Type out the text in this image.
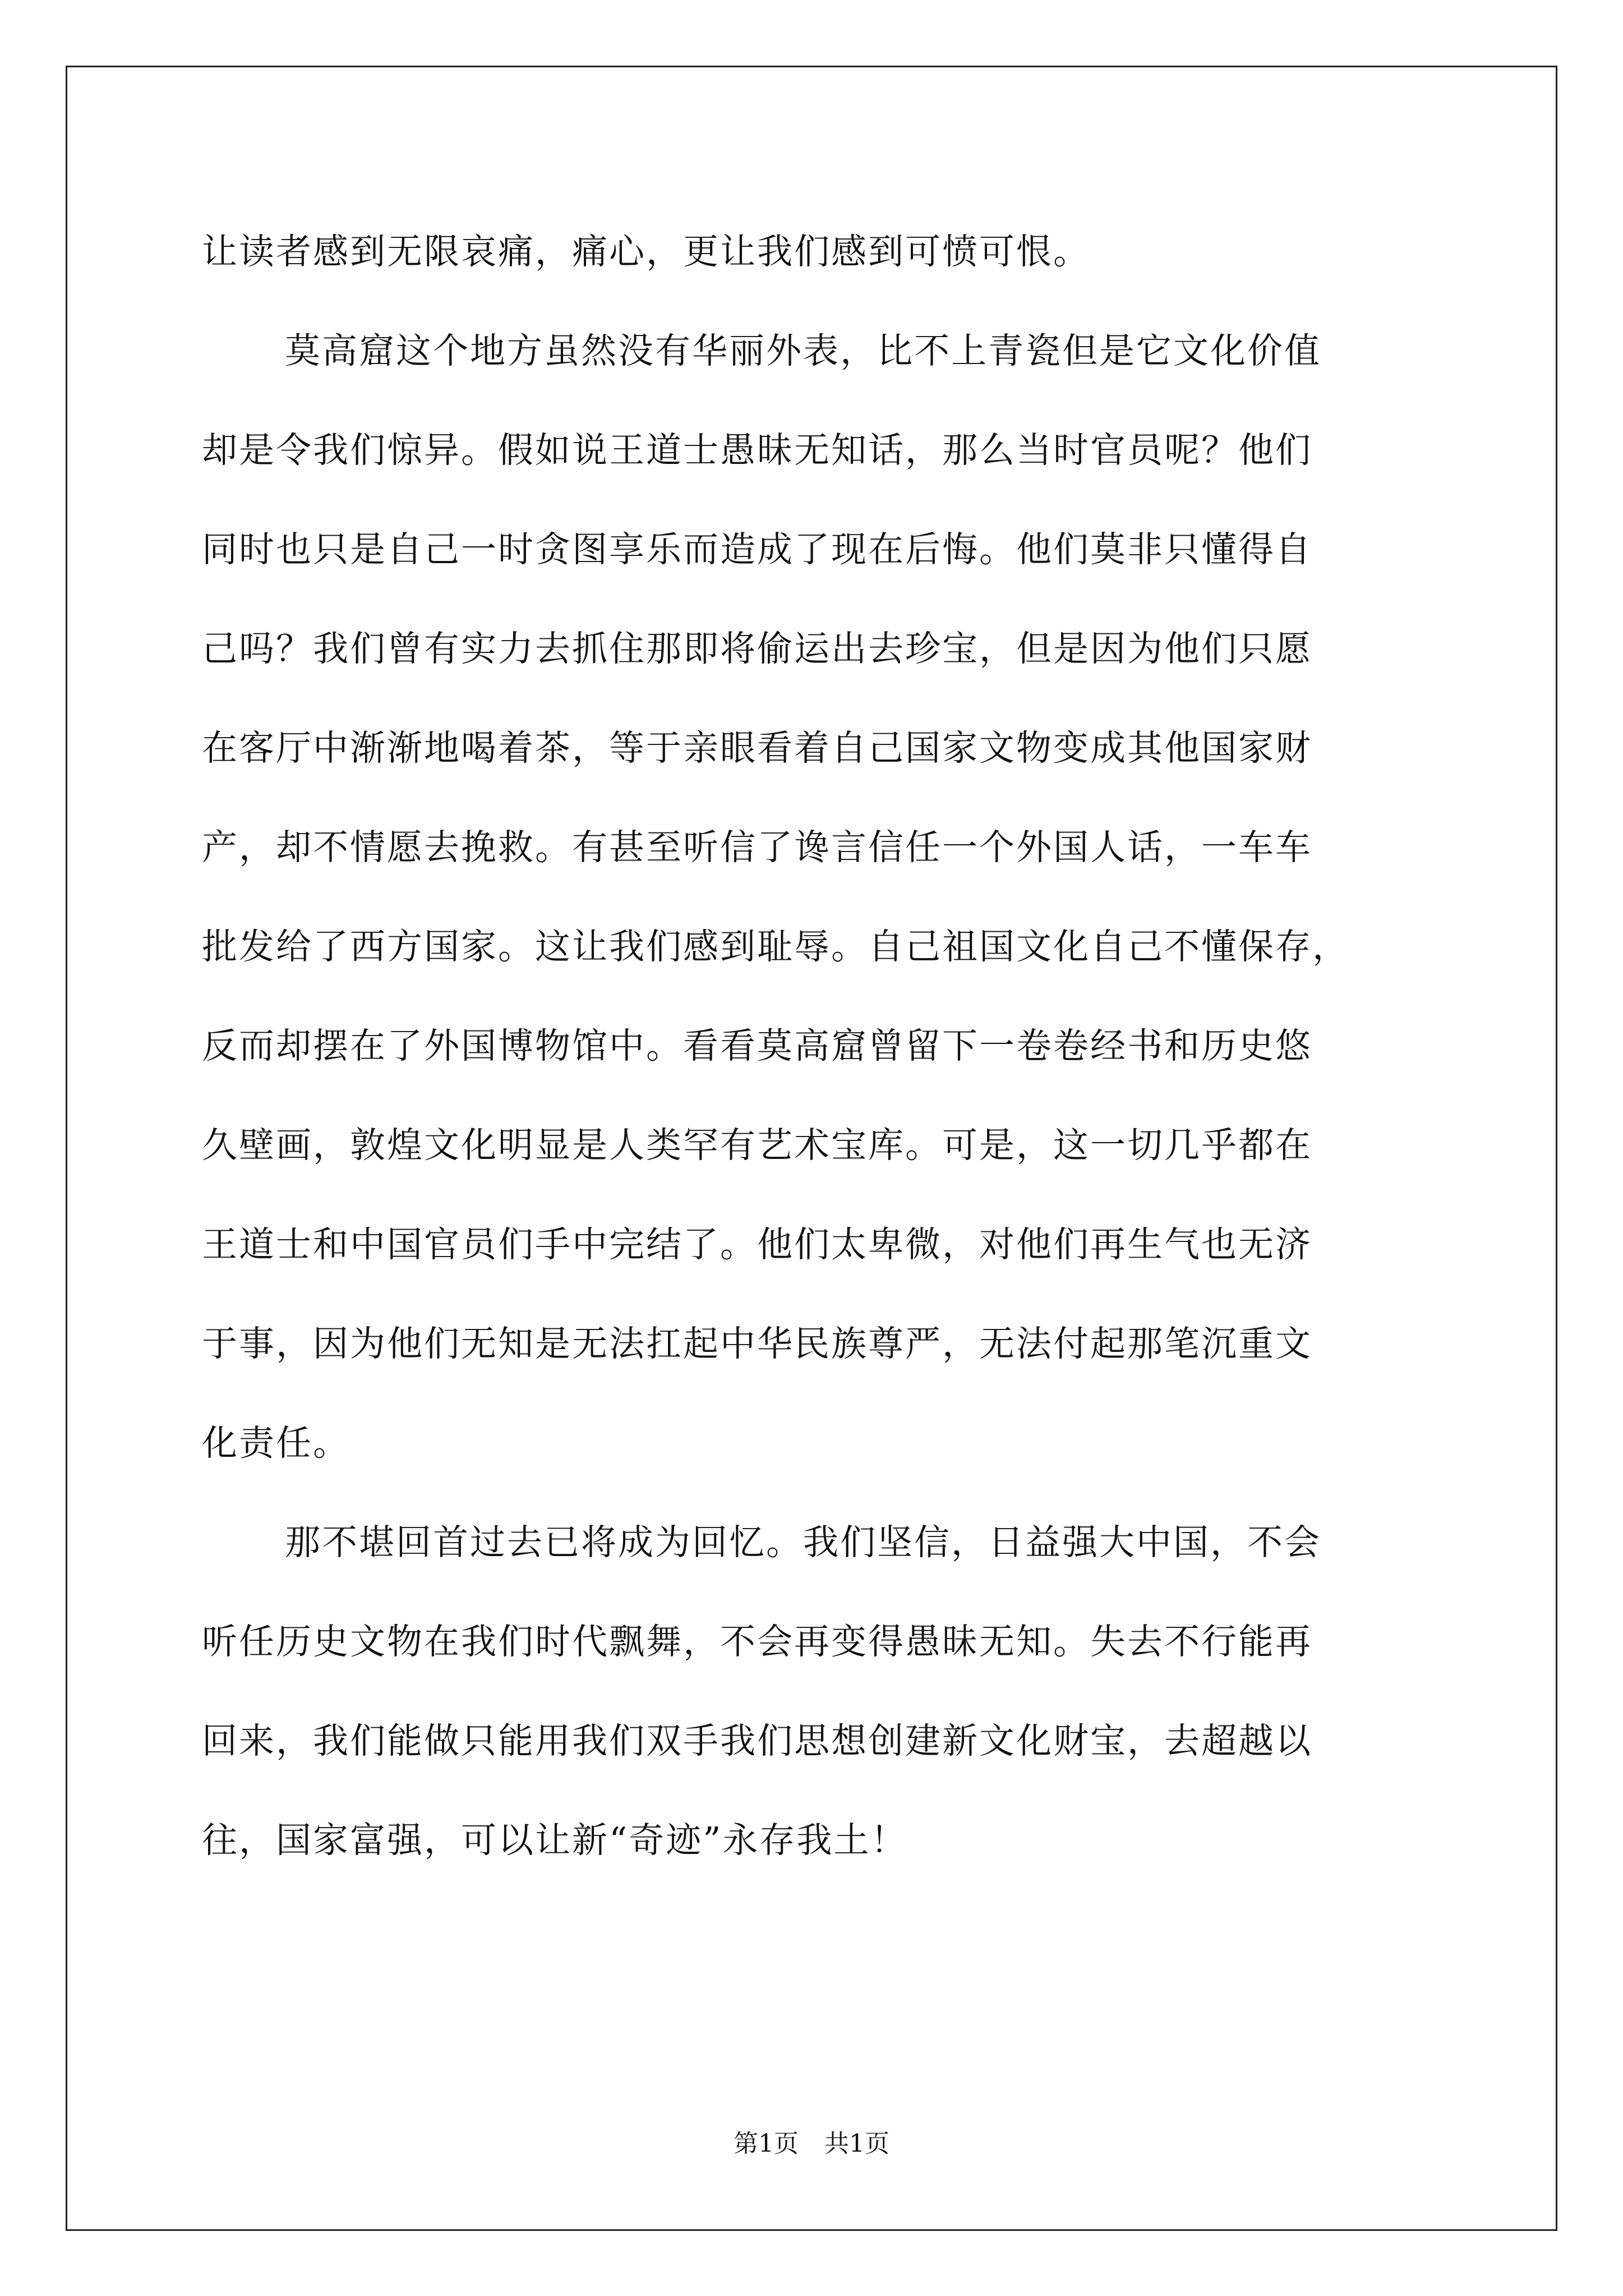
让读者感到无限哀痛，痛心，更让我们感到可愤可恨。
莫高窟这个地方虽然没有华丽外表，比不上青瓷但是它文化价值
却是令我们惊异。假如说王道士愚昧无知话，那么当时官员呢？他们
同时也只是自己一时贪图享乐而造成了现在后悔。他们莫非只懂得自
己吗？我们曾有实力去抓住那即将偷运出去珍宝，但是因为他们只愿
在客厅中渐渐地喝着茶，等于亲眼看着自己国家文物变成其他国家财
产，却不情愿去挽救。有甚至听信了谗言信任一个外国人话，一车车
批发给了西方国家。这让我们感到耻辱。自己祖国文化自己不懂保存，
反而却摆在了外国博物馆中。看看莫高窟曾留下一卷卷经书和历史悠
久壁画，敦煌文化明显是人类罕有艺术宝库。可是，这一切几乎都在
王道士和中国官员们手中完结了。他们太卑微，对他们再生气也无济
于事，因为他们无知是无法扛起中华民族尊严，无法付起那笔沉重文
化责任。
那不堪回首过去已将成为回忆。我们坚信，日益强大中国，不会
听任历史文物在我们时代飘舞，不会再变得愚昧无知。失去不行能再
回来，我们能做只能用我们双手我们思想创建新文化财宝，去超越以
往，国家富强，可以让新“奇迹”永存我土！
第1页 共1页
